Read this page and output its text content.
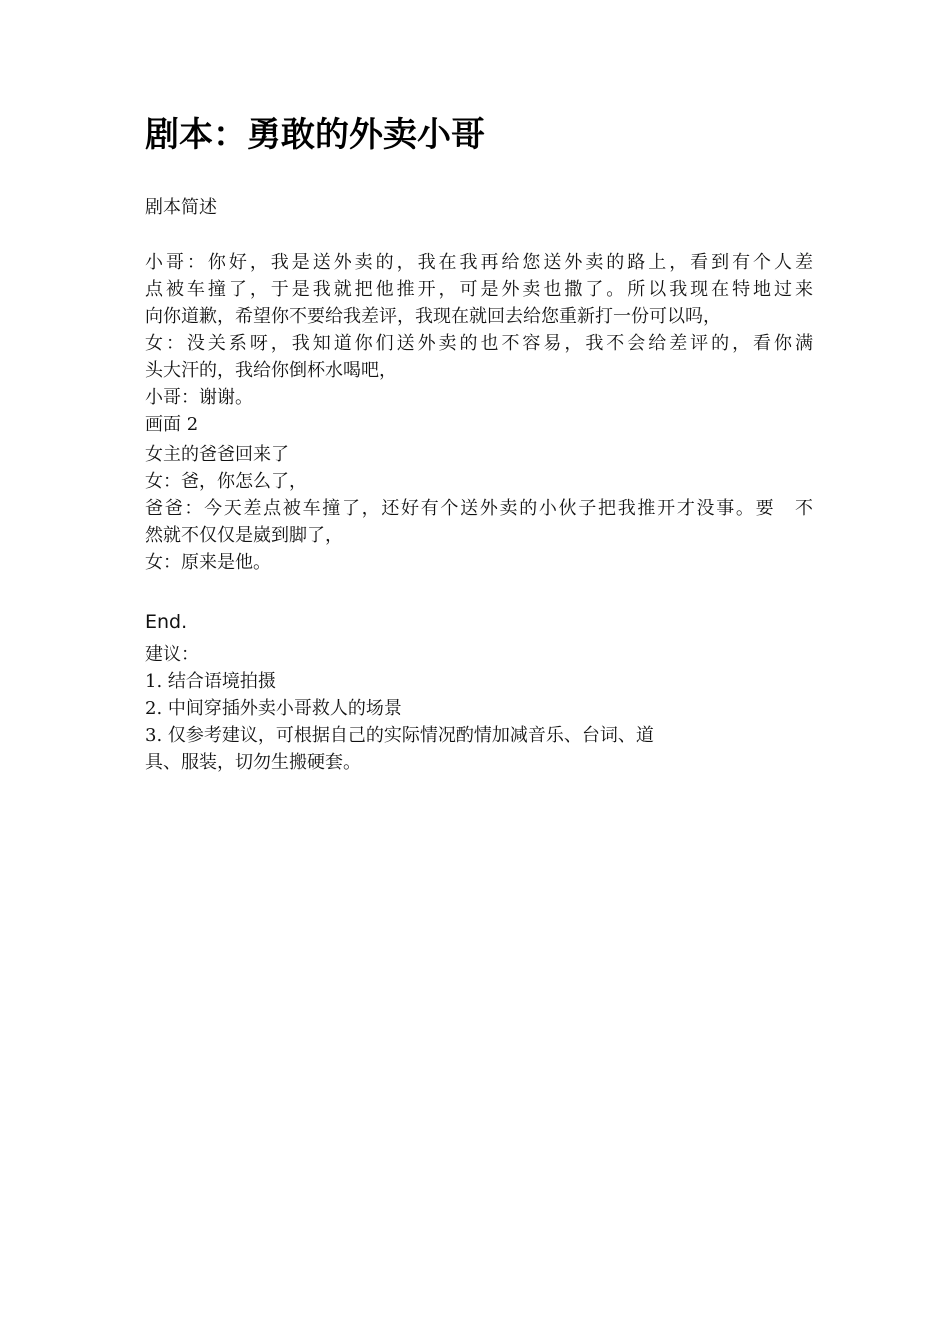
剧本：勇敢的外卖小哥
剧本简述
小哥：你好，我是送外卖的，我在我再给您送外卖的路上，看到有个人差
点被车撞了，于是我就把他推开，可是外卖也撒了。所以我现在特地过来
向你道歉，希望你不要给我差评，我现在就回去给您重新打一份可以吗，
女：没关系呀，我知道你们送外卖的也不容易，我不会给差评的，看你满
头大汗的，我给你倒杯水喝吧，
小哥：谢谢。
画面 2
女主的爸爸回来了
女：爸，你怎么了，
爸爸：今天差点被车撞了，还好有个送外卖的小伙子把我推开才没事。要　不
然就不仅仅是崴到脚了，
女：原来是他。
End.
建议：
1. 结合语境拍摄
2. 中间穿插外卖小哥救人的场景
3. 仅参考建议，可根据自己的实际情况酌情加减音乐、台词、道
具、服装，切勿生搬硬套。
